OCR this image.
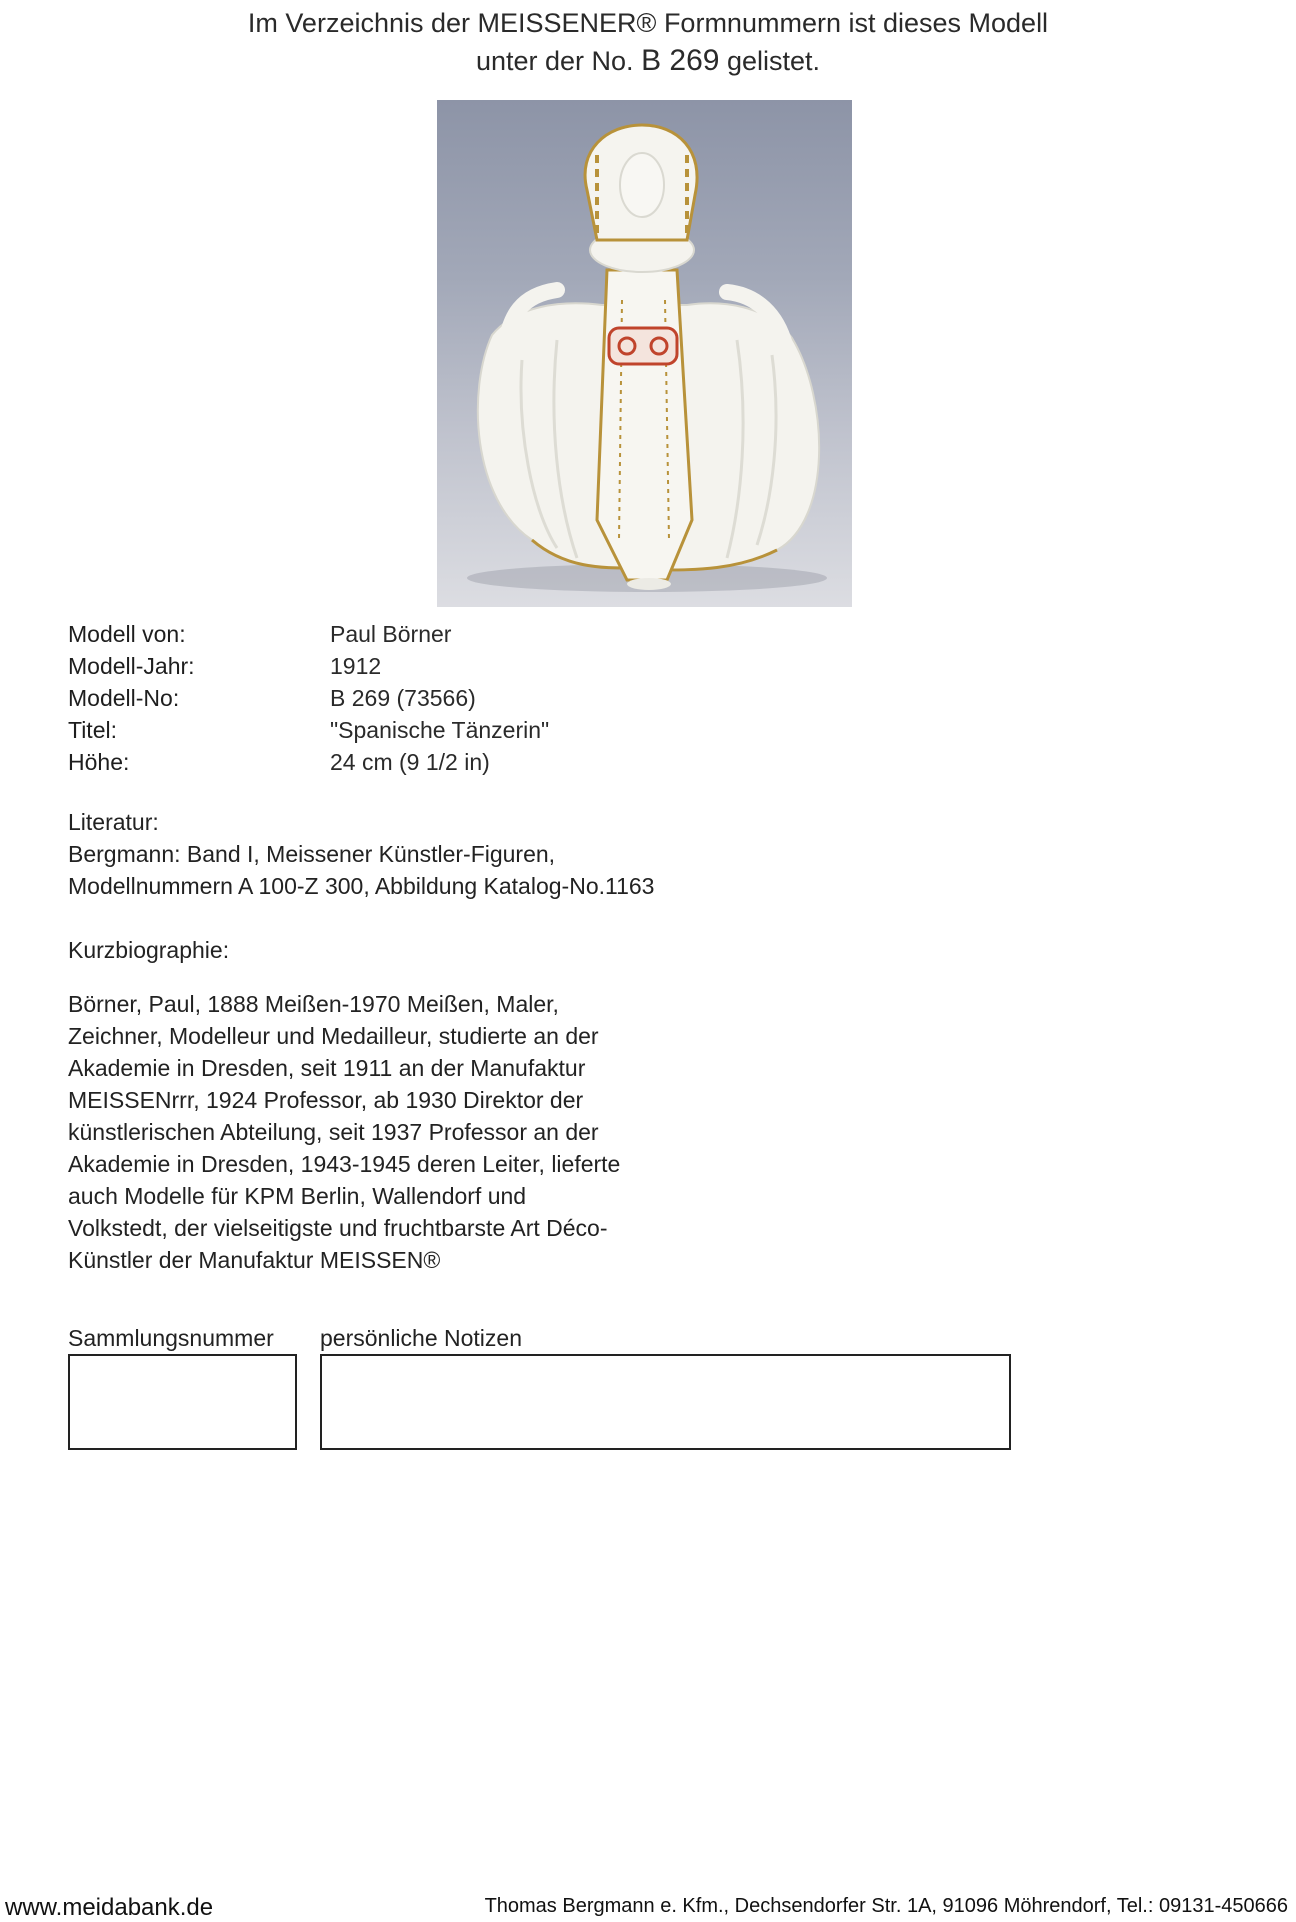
Im Verzeichnis der MEISSENER® Formnummern ist dieses Modell
unter der No. B 269 gelistet.
Modell von:	Paul Börner
Modell-Jahr:	1912
Modell-No:	B 269 (73566)
Titel:	"Spanische Tänzerin"
Höhe:	24 cm (9 1/2 in)
Literatur:
Bergmann: Band I, Meissener Künstler-Figuren,
Modellnummern A 100-Z 300, Abbildung Katalog-No.1163
Kurzbiographie:
Börner, Paul, 1888 Meißen-1970 Meißen, Maler,
Zeichner, Modelleur und Medailleur, studierte an der
Akademie in Dresden, seit 1911 an der Manufaktur
MEISSENrrr, 1924 Professor, ab 1930 Direktor der
künstlerischen Abteilung, seit 1937 Professor an der
Akademie in Dresden, 1943-1945 deren Leiter, lieferte
auch Modelle für KPM Berlin, Wallendorf und
Volkstedt, der vielseitigste und fruchtbarste Art Déco-
Künstler der Manufaktur MEISSEN®
Sammlungsnummer persönliche Notizen
www.meidabank.de	Thomas Bergmann e. Kfm., Dechsendorfer Str. 1A, 91096 Möhrendorf, Tel.: 09131-450666
